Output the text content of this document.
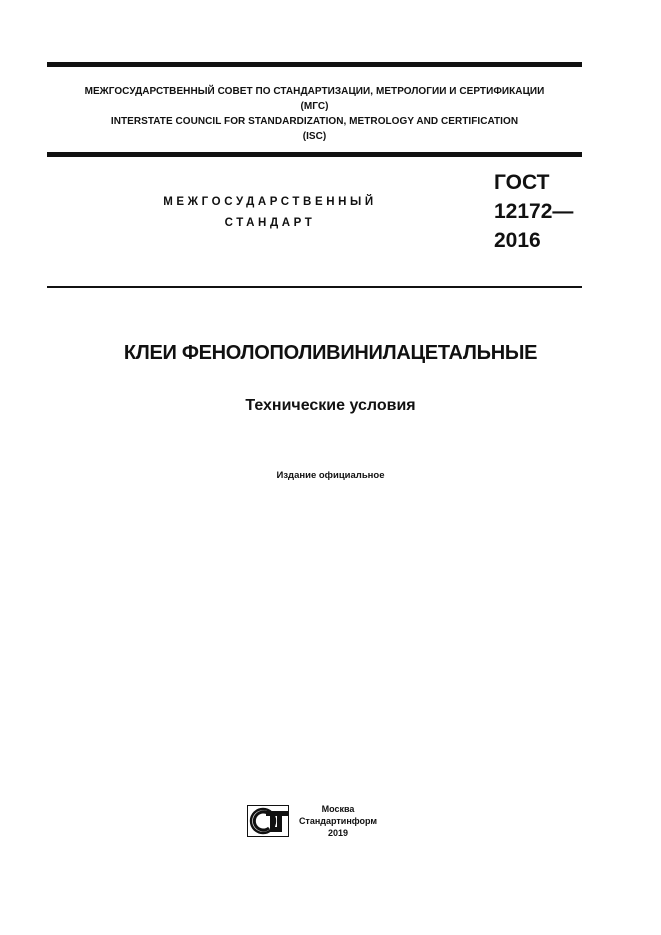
МЕЖГОСУДАРСТВЕННЫЙ СОВЕТ ПО СТАНДАРТИЗАЦИИ, МЕТРОЛОГИИ И СЕРТИФИКАЦИИ
(МГС)
INTERSTATE COUNCIL FOR STANDARDIZATION, METROLOGY AND CERTIFICATION
(ISC)
МЕЖГОСУДАРСТВЕННЫЙ
СТАНДАРТ
ГОСТ
12172—
2016
КЛЕИ ФЕНОЛОПОЛИВИНИЛАЦЕТАЛЬНЫЕ
Технические условия
Издание официальное
Москва
Стандартинформ
2019
